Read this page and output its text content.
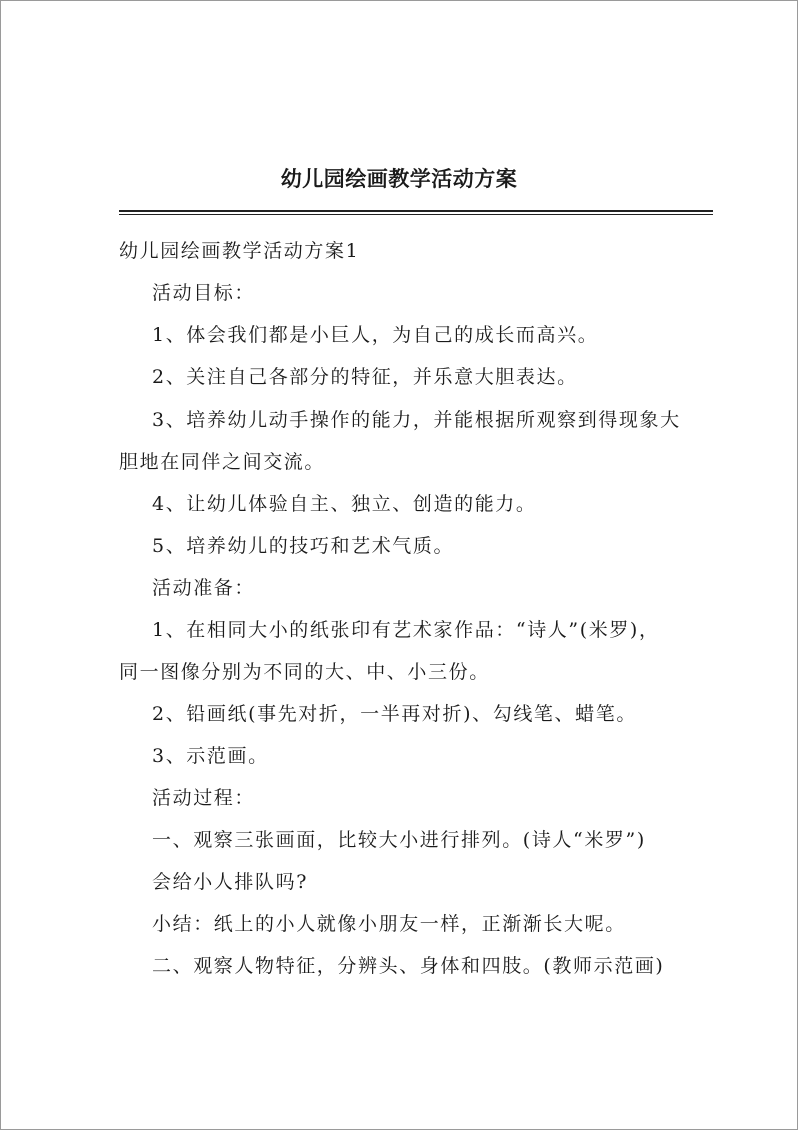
幼儿园绘画教学活动方案
幼儿园绘画教学活动方案1
活动目标：
1、体会我们都是小巨人，为自己的成长而高兴。
2、关注自己各部分的特征，并乐意大胆表达。
3、培养幼儿动手操作的能力，并能根据所观察到得现象大
胆地在同伴之间交流。
4、让幼儿体验自主、独立、创造的能力。
5、培养幼儿的技巧和艺术气质。
活动准备：
1、在相同大小的纸张印有艺术家作品：“诗人”(米罗)，
同一图像分别为不同的大、中、小三份。
2、铅画纸(事先对折，一半再对折)、勾线笔、蜡笔。
3、示范画。
活动过程：
一、观察三张画面，比较大小进行排列。(诗人“米罗”)
会给小人排队吗?
小结：纸上的小人就像小朋友一样，正渐渐长大呢。
二、观察人物特征，分辨头、身体和四肢。(教师示范画)
